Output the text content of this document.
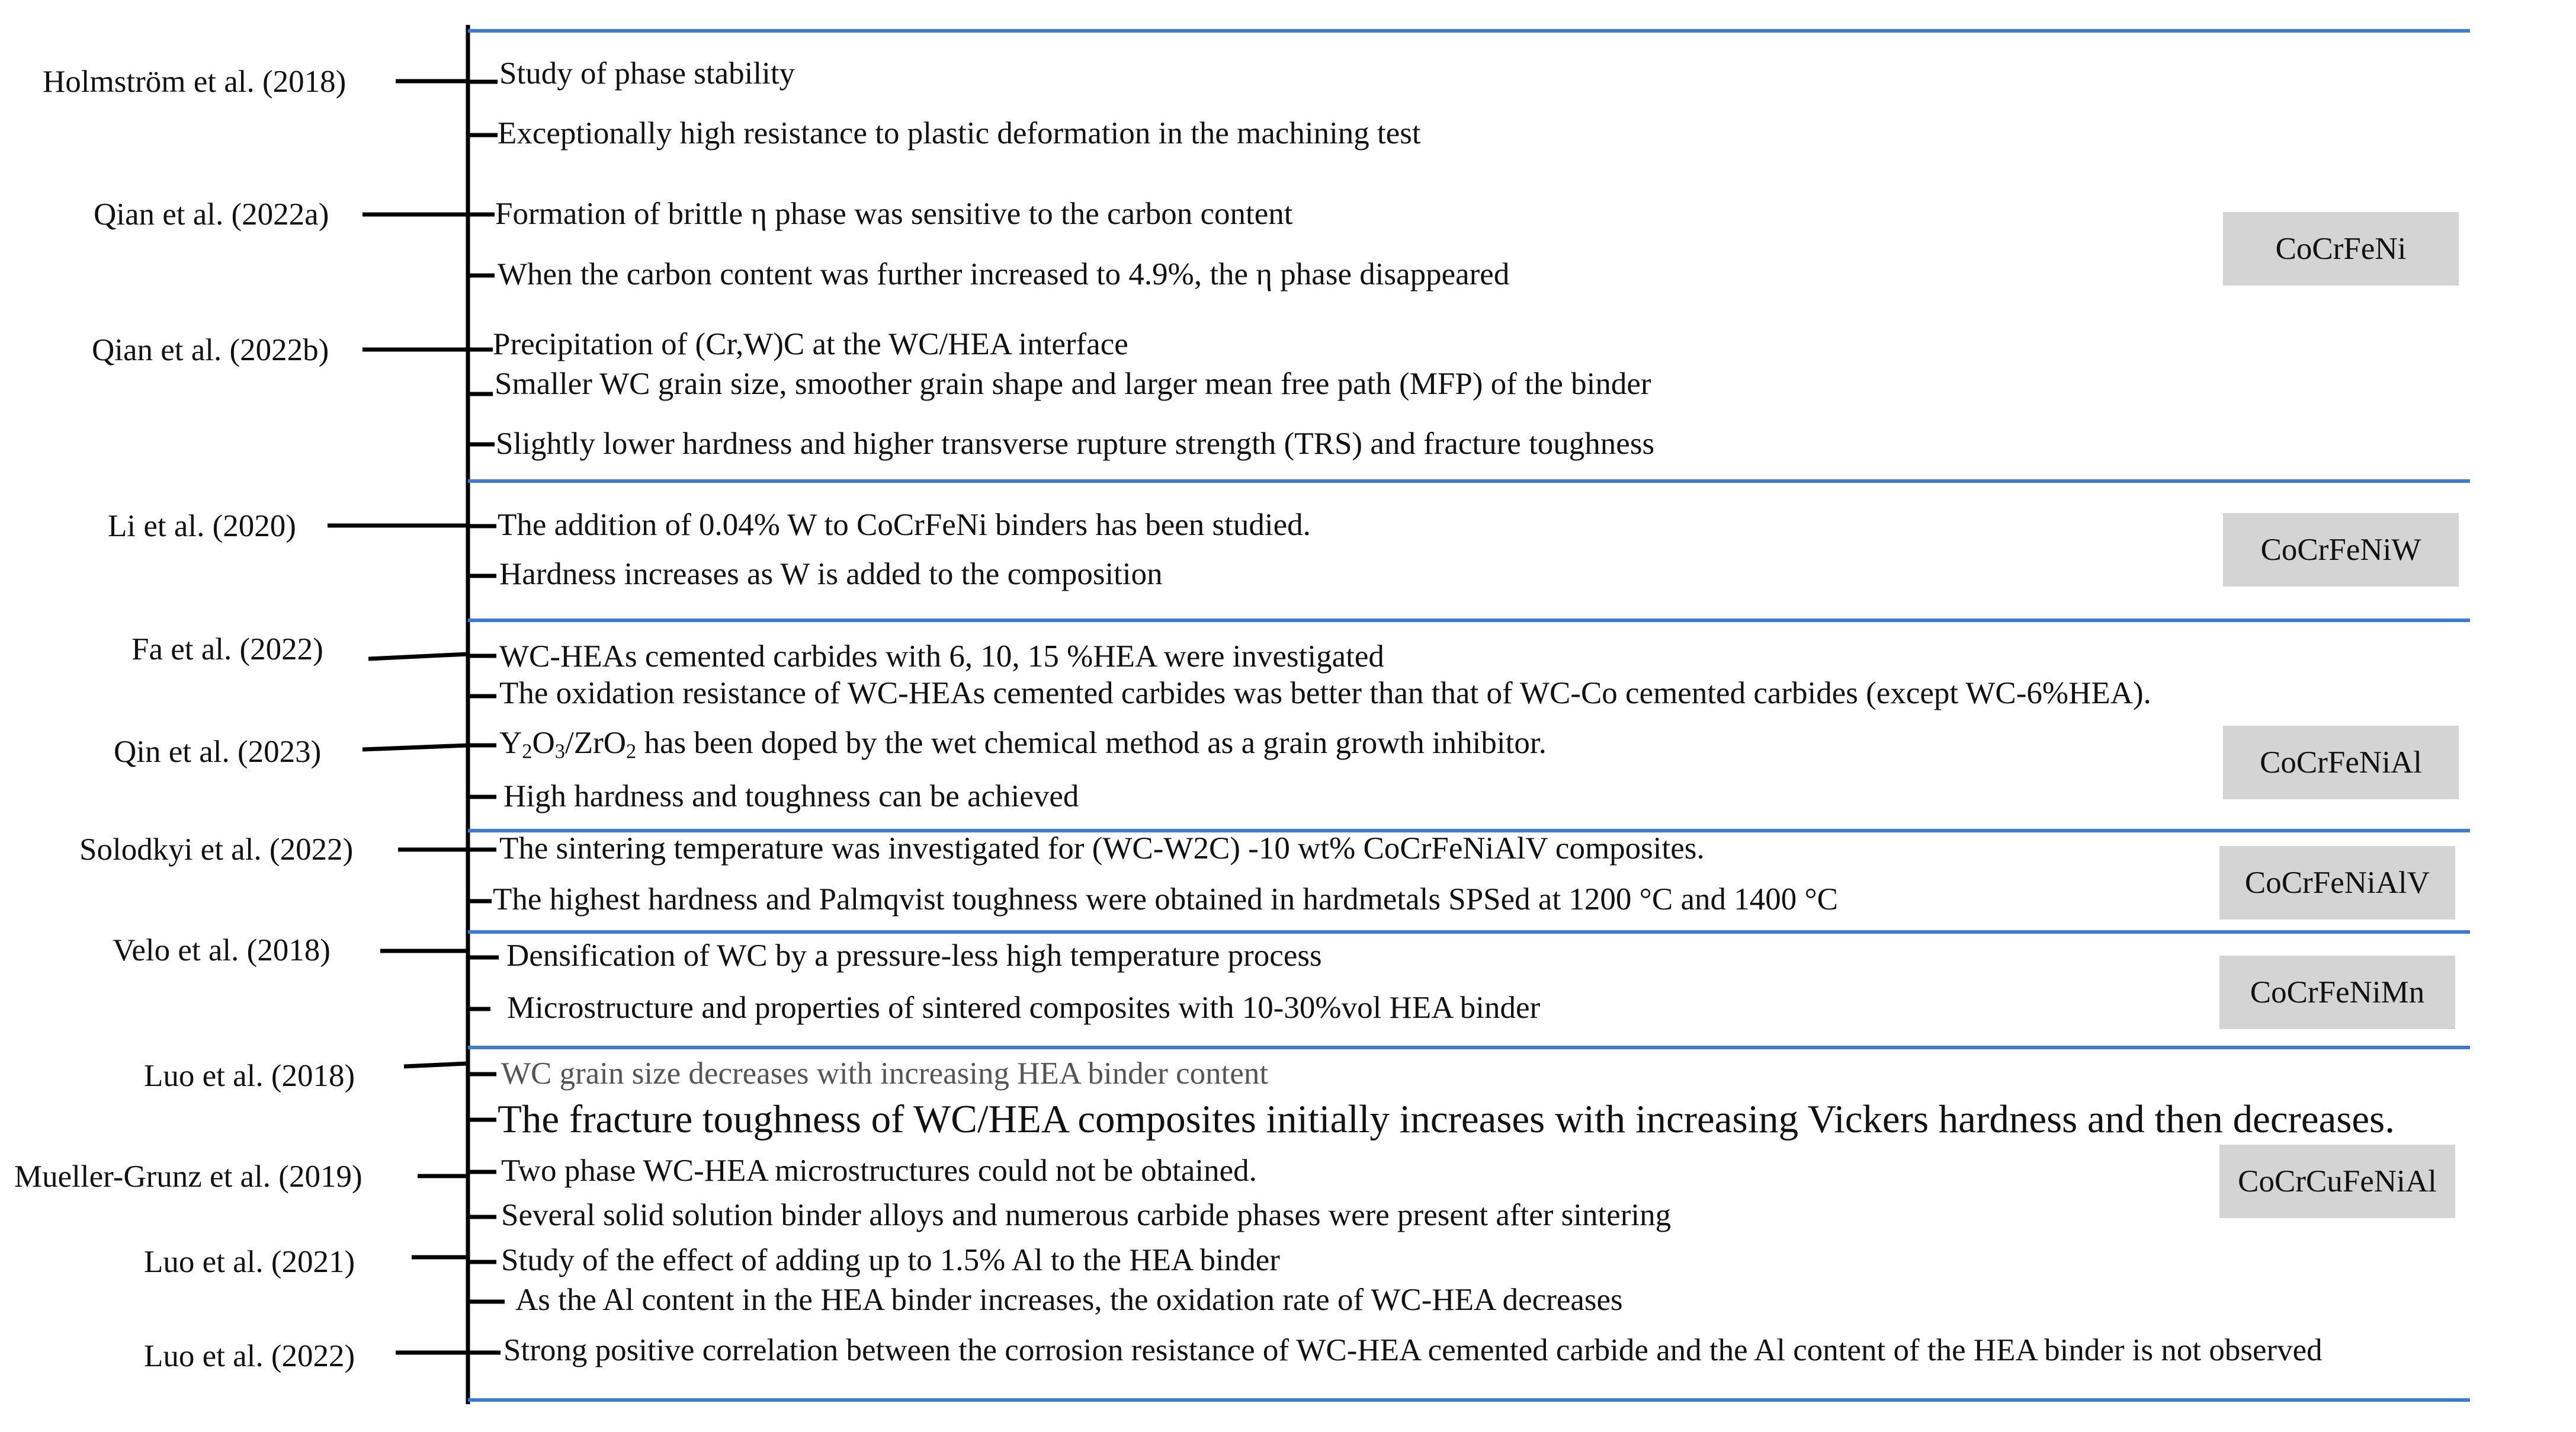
Holmström et al. (2018)
Qian et al. (2022a)
Qian et al. (2022b)
Li et al. (2020)
Fa et al. (2022)
Qin et al. (2023)
Solodkyi et al. (2022)
Velo et al. (2018)
Luo et al. (2018)
Mueller-Grunz et al. (2019)
Luo et al. (2021)
Luo et al. (2022)
Study of phase stability
Exceptionally high resistance to plastic deformation in the machining test
Formation of brittle η phase was sensitive to the carbon content
When the carbon content was further increased to 4.9%, the η phase disappeared
Precipitation of (Cr,W)C at the WC/HEA interface
Smaller WC grain size, smoother grain shape and larger mean free path (MFP) of the binder
Slightly lower hardness and higher transverse rupture strength (TRS) and fracture toughness
The addition of 0.04% W to CoCrFeNi binders has been studied.
Hardness increases as W is added to the composition
WC-HEAs cemented carbides with 6, 10, 15 %HEA were investigated
The oxidation resistance of WC-HEAs cemented carbides was better than that of WC-Co cemented carbides (except WC-6%HEA).
$Y_2O_3/ZrO_2$ has been doped by the wet chemical method as a grain growth inhibitor.
High hardness and toughness can be achieved
The sintering temperature was investigated for (WC-W2C) -10 wt% CoCrFeNiAlV composites.
The highest hardness and Palmqvist toughness were obtained in hardmetals SPSed at 1200 °C and 1400 °C
Densification of WC by a pressure-less high temperature process
Microstructure and properties of sintered composites with 10-30%vol HEA binder
WC grain size decreases with increasing HEA binder content
The fracture toughness of WC/HEA composites initially increases with increasing Vickers hardness and then decreases.
Two phase WC-HEA microstructures could not be obtained.
Several solid solution binder alloys and numerous carbide phases were present after sintering
Study of the effect of adding up to 1.5% Al to the HEA binder
As the Al content in the HEA binder increases, the oxidation rate of WC-HEA decreases
Strong positive correlation between the corrosion resistance of WC-HEA cemented carbide and the Al content of the HEA binder is not observed
CoCrFeNi
CoCrFeNiW
CoCrFeNiAl
CoCrFeNiAlV
CoCrFeNiMn
CoCrCuFeNiAl
